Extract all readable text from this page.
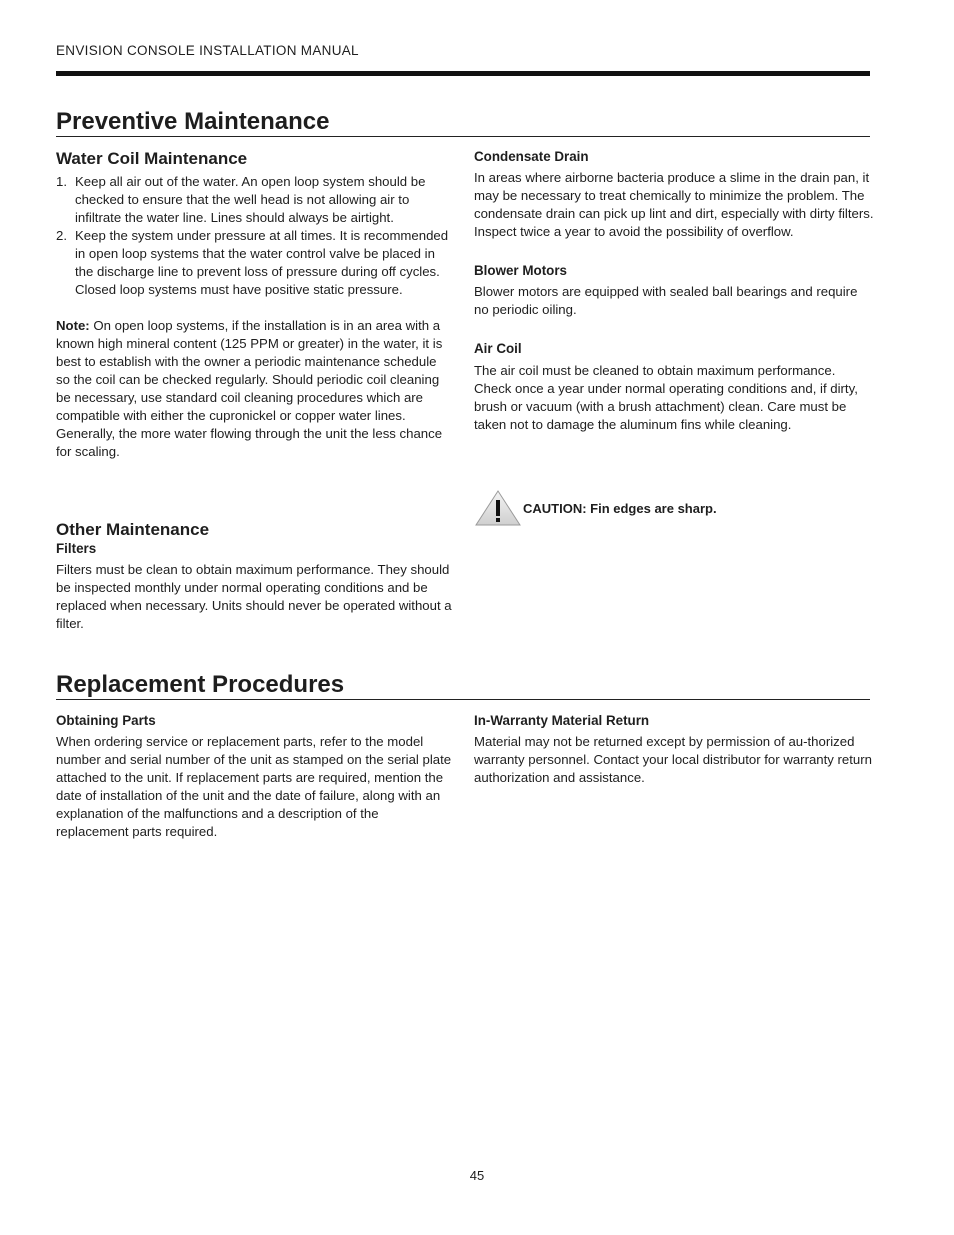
ENVISION CONSOLE INSTALLATION MANUAL
Preventive Maintenance
Water Coil Maintenance
1. Keep all air out of the water. An open loop system should be checked to ensure that the well head is not allowing air to infiltrate the water line. Lines should always be airtight.
2. Keep the system under pressure at all times. It is recommended in open loop systems that the water control valve be placed in the discharge line to prevent loss of pressure during off cycles. Closed loop systems must have positive static pressure.

Note: On open loop systems, if the installation is in an area with a known high mineral content (125 PPM or greater) in the water, it is best to establish with the owner a periodic maintenance schedule so the coil can be checked regularly. Should periodic coil cleaning be necessary, use standard coil cleaning procedures which are compatible with either the cupronickel or copper water lines. Generally, the more water flowing through the unit the less chance for scaling.

Other Maintenance
Filters

Filters must be clean to obtain maximum performance. They should be inspected monthly under normal operating conditions and be replaced when necessary. Units should never be operated without a filter.

Condensate Drain

In areas where airborne bacteria produce a slime in the drain pan, it may be necessary to treat chemically to minimize the problem. The condensate drain can pick up lint and dirt, especially with dirty filters. Inspect twice a year to avoid the possibility of overflow.

Blower Motors

Blower motors are equipped with sealed ball bearings and require no periodic oiling.

Air Coil

The air coil must be cleaned to obtain maximum performance. Check once a year under normal operating conditions and, if dirty, brush or vacuum (with a brush attachment) clean. Care must be taken not to damage the aluminum fins while cleaning.

CAUTION: Fin edges are sharp.
Replacement Procedures
Obtaining Parts

When ordering service or replacement parts, refer to the model number and serial number of the unit as stamped on the serial plate attached to the unit. If replacement parts are required, mention the date of installation of the unit and the date of failure, along with an explanation of the malfunctions and a description of the replacement parts required.

In-Warranty Material Return

Material may not be returned except by permission of au-thorized warranty personnel. Contact your local distributor for warranty return authorization and assistance.

45
